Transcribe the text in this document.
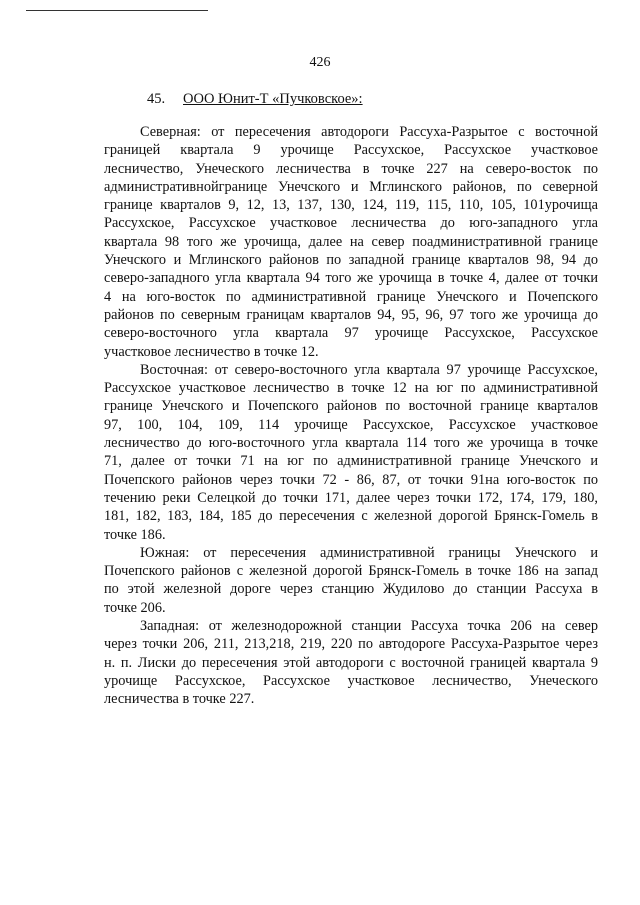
426
45. ООО Юнит-Т «Пучковское»:
Северная: от пересечения автодороги Рассуха-Разрытое с восточной
границей квартала 9 урочище Рассухское, Рассухское участковое
лесничество, Унеческого лесничества в точке 227 на северо-восток по
административнойгранице Унечского и Мглинского районов, по северной
границе кварталов 9, 12, 13, 137, 130, 124, 119, 115, 110, 105, 101урочища
Рассухское, Рассухское участковое лесничества до юго-западного угла
квартала 98 того же урочища, далее на север поадминистративной границе
Унечского и Мглинского районов по западной границе кварталов 98, 94 до
северо-западного угла квартала 94 того же урочища в точке 4, далее от точки
4 на юго-восток по административной границе Унечского и Почепского
районов по северным границам кварталов 94, 95, 96, 97 того же урочища до
северо-восточного угла квартала 97 урочище Рассухское, Рассухское
участковое лесничество в точке 12.
Восточная: от северо-восточного угла квартала 97 урочище Рассухское,
Рассухское участковое лесничество в точке 12 на юг по административной
границе Унечского и Почепского районов по восточной границе кварталов
97, 100, 104, 109, 114 урочище Рассухское, Рассухское участковое
лесничество до юго-восточного угла квартала 114 того же урочища в точке
71, далее от точки 71 на юг по административной границе Унечского и
Почепского районов через точки 72 - 86, 87, от точки 91на юго-восток по
течению реки Селецкой до точки 171, далее через точки 172, 174, 179, 180,
181, 182, 183, 184, 185 до пересечения с железной дорогой Брянск-Гомель в
точке 186.
Южная: от пересечения административной границы Унечского и
Почепского районов с железной дорогой Брянск-Гомель в точке 186 на запад
по этой железной дороге через станцию Жудилово до станции Рассуха в
точке 206.
Западная: от железнодорожной станции Рассуха точка 206 на север
через точки 206, 211, 213,218, 219, 220 по автодороге Рассуха-Разрытое через
н. п. Лиски до пересечения этой автодороги с восточной границей квартала 9
урочище Рассухское, Рассухское участковое лесничество, Унеческого
лесничества в точке 227.
